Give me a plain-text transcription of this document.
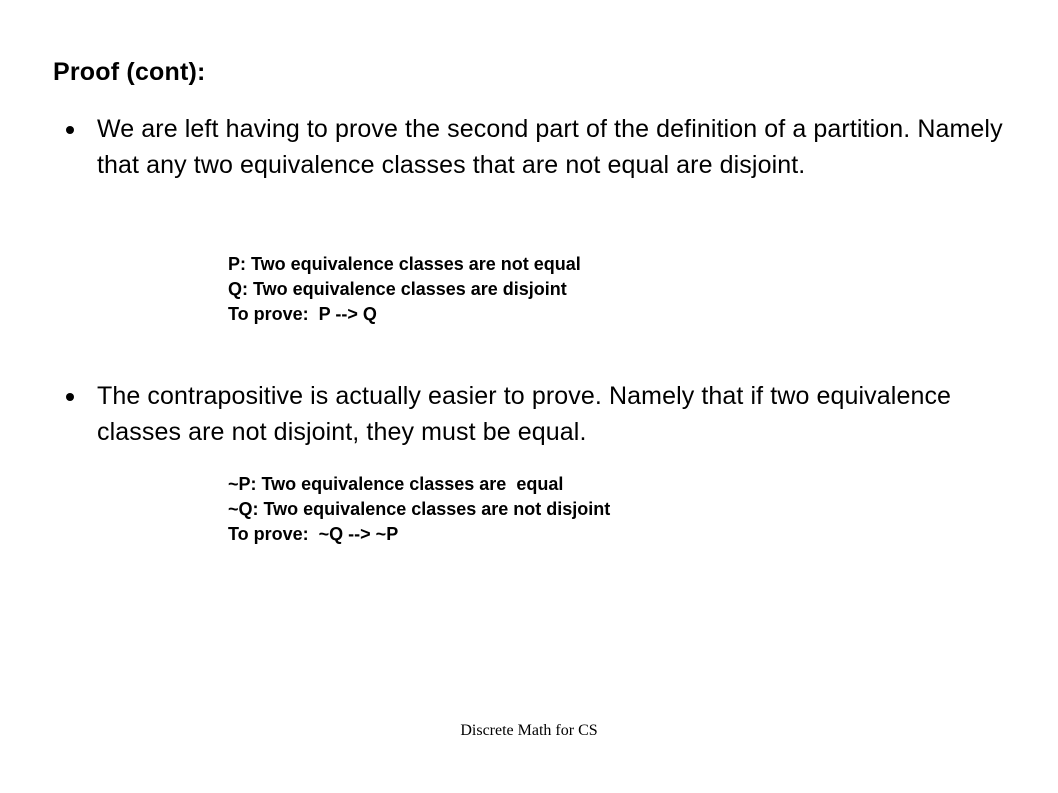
Proof (cont):
We are left having to prove the second part of the definition of a partition. Namely that any two equivalence classes that are not equal are disjoint.
P: Two equivalence classes are not equal
Q: Two equivalence classes are disjoint
To prove:  P --> Q
The contrapositive is actually easier to prove. Namely that if two equivalence classes are not disjoint, they must be equal.
~P: Two equivalence classes are  equal
~Q: Two equivalence classes are not disjoint
To prove:  ~Q --> ~P
Discrete Math for CS
